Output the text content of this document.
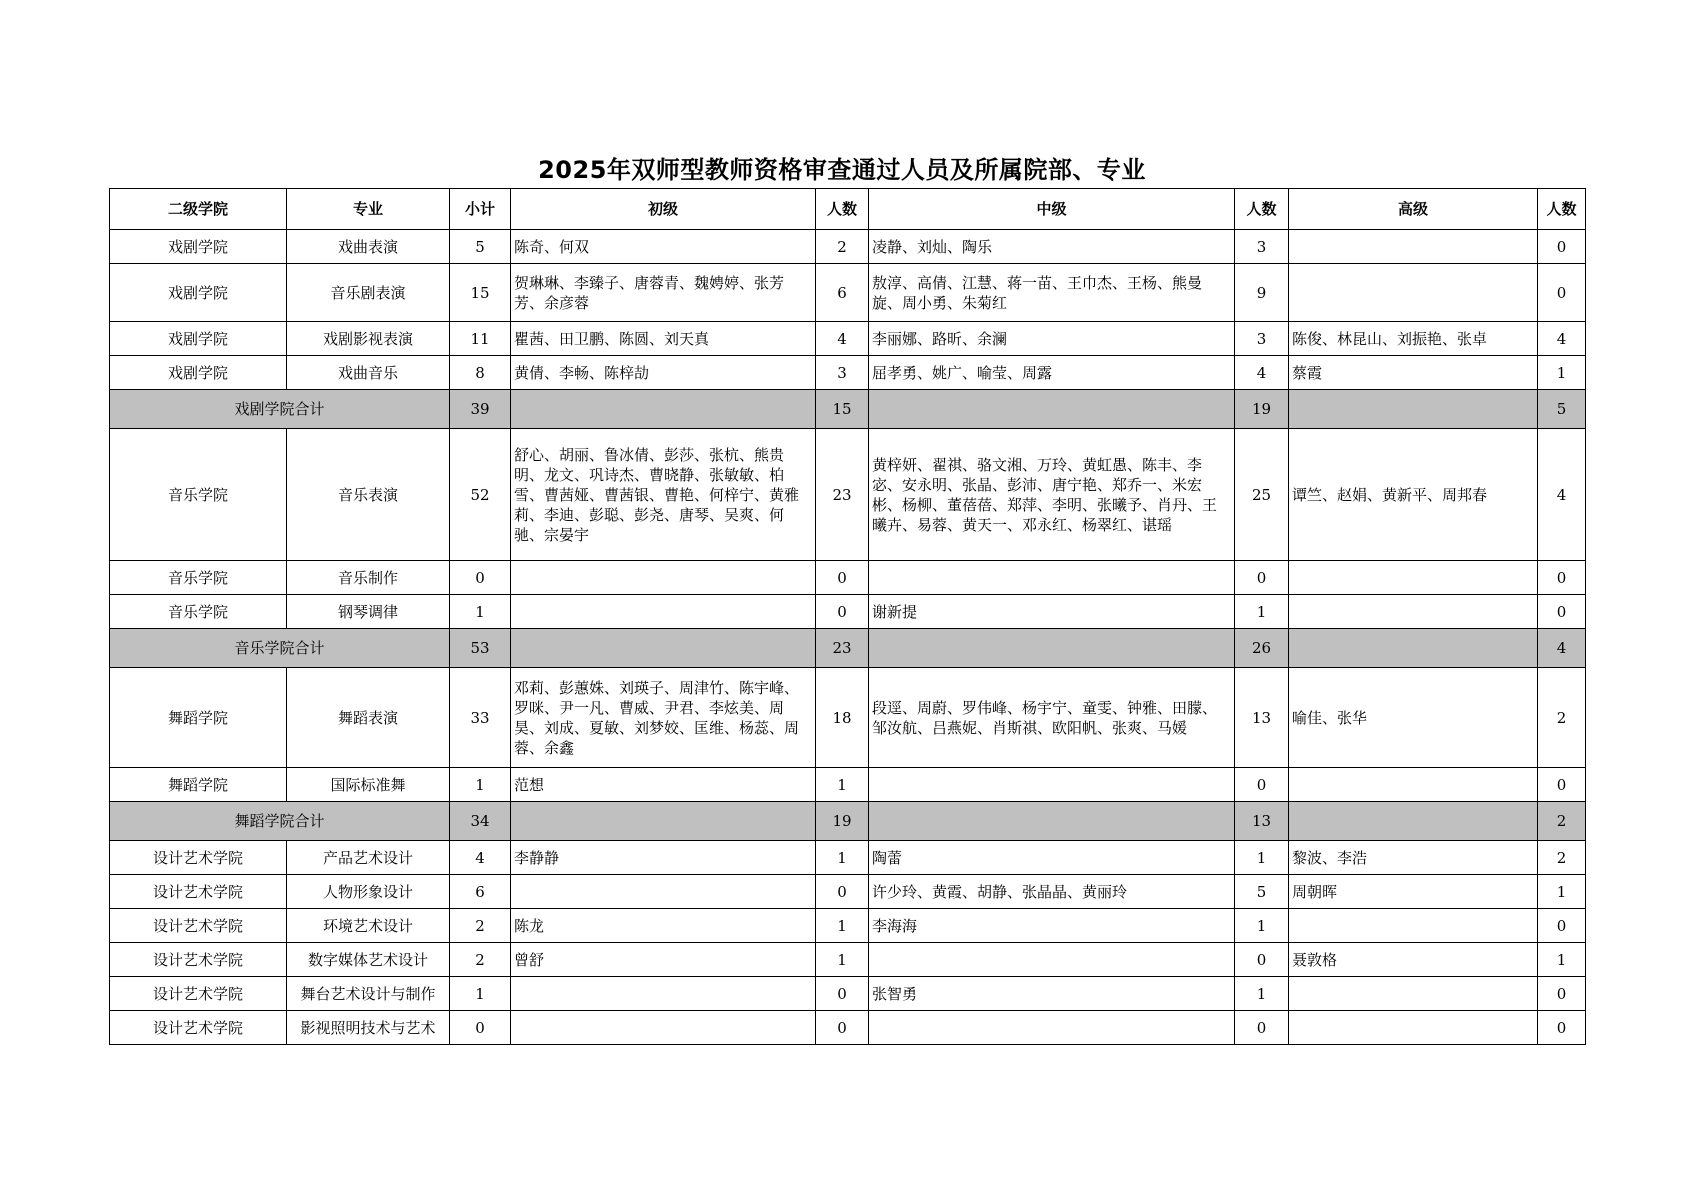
2025年双师型教师资格审查通过人员及所属院部、专业
二级学院	专业	小计	初级	人数	中级	人数	高级	人数
戏剧学院	戏曲表演	5	陈奇、何双	2	凌静、刘灿、陶乐	3		0
戏剧学院	音乐剧表演	15	贺琳琳、李臻子、唐蓉青、魏娉婷、张芳芳、余彦蓉	6	敖淳、高倩、江慧、蒋一苗、王巾杰、王杨、熊曼旋、周小勇、朱菊红	9		0
戏剧学院	戏剧影视表演	11	瞿茜、田卫鹏、陈圆、刘天真	4	李丽娜、路昕、余澜	3	陈俊、林昆山、刘振艳、张卓	4
戏剧学院	戏曲音乐	8	黄倩、李畅、陈梓劼	3	屈孝勇、姚广、喻莹、周露	4	蔡霞	1
戏剧学院合计		39		15		19		5
音乐学院	音乐表演	52	舒心、胡丽、鲁冰倩、彭莎、张杭、熊贵明、龙文、巩诗杰、曹晓静、张敏敏、柏雪、曹茜娅、曹茜银、曹艳、何梓宁、黄雅莉、李迪、彭聪、彭尧、唐琴、吴爽、何驰、宗晏宇	23	黄梓妍、翟祺、骆文湘、万玲、黄虹愚、陈丰、李宓、安永明、张晶、彭沛、唐宁艳、郑乔一、米宏彬、杨柳、董蓓蓓、郑萍、李明、张曦予、肖丹、王曦卉、易蓉、黄天一、邓永红、杨翠红、谌瑶	25	谭竺、赵娟、黄新平、周邦春	4
音乐学院	音乐制作	0		0		0		0
音乐学院	钢琴调律	1		0	谢新提	1		0
音乐学院合计		53		23		26		4
舞蹈学院	舞蹈表演	33	邓莉、彭蕙姝、刘瑛子、周津竹、陈宇峰、罗咪、尹一凡、曹威、尹君、李炫美、周昊、刘成、夏敏、刘梦姣、匡维、杨蕊、周蓉、余鑫	18	段逕、周蔚、罗伟峰、杨宇宁、童雯、钟雅、田朦、邹汝航、吕燕妮、肖斯祺、欧阳帆、张爽、马媛	13	喻佳、张华	2
舞蹈学院	国际标准舞	1	范想	1		0		0
舞蹈学院合计		34		19		13		2
设计艺术学院	产品艺术设计	4	李静静	1	陶蕾	1	黎波、李浩	2
设计艺术学院	人物形象设计	6		0	许少玲、黄霞、胡静、张晶晶、黄丽玲	5	周朝晖	1
设计艺术学院	环境艺术设计	2	陈龙	1	李海海	1		0
设计艺术学院	数字媒体艺术设计	2	曾舒	1		0	聂敦格	1
设计艺术学院	舞台艺术设计与制作	1		0	张智勇	1		0
设计艺术学院	影视照明技术与艺术	0		0		0		0
